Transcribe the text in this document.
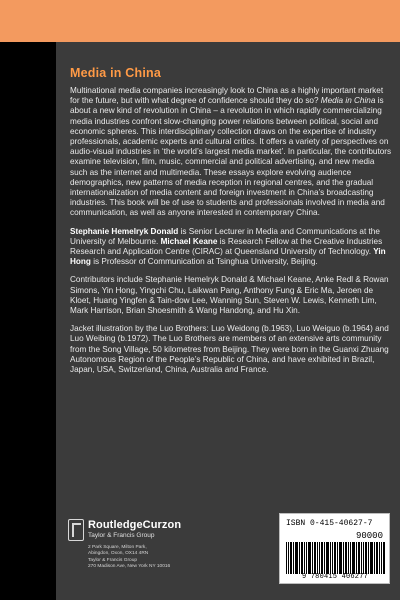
Media in China

Multinational media companies increasingly look to China as a highly important market for the future, but with what degree of confidence should they do so? Media in China is about a new kind of revolution in China – a revolution in which rapidly commercializing media industries confront slow-changing power relations between political, social and economic spheres. This interdisciplinary collection draws on the expertise of industry professionals, academic experts and cultural critics. It offers a variety of perspectives on audio-visual industries in ‘the world’s largest media market’. In particular, the contributors examine television, film, music, commercial and political advertising, and new media such as the internet and multimedia. These essays explore evolving audience demographics, new patterns of media reception in regional centres, and the gradual internationalization of media content and foreign investment in China’s broadcasting industries. This book will be of use to students and professionals involved in media and communication, as well as anyone interested in contemporary China.

Stephanie Hemelryk Donald is Senior Lecturer in Media and Communications at the University of Melbourne. Michael Keane is Research Fellow at the Creative Industries Research and Application Centre (CIRAC) at Queensland University of Technology. Yin Hong is Professor of Communication at Tsinghua University, Beijing.

Contributors include Stephanie Hemelryk Donald & Michael Keane, Anke Redl & Rowan Simons, Yin Hong, Yingchi Chu, Laikwan Pang, Anthony Fung & Eric Ma, Jeroen de Kloet, Huang Yingfen & Tain-dow Lee, Wanning Sun, Steven W. Lewis, Kenneth Lim, Mark Harrison, Brian Shoesmith & Wang Handong, and Hu Xin.

Jacket illustration by the Luo Brothers: Luo Weidong (b.1963), Luo Weiguo (b.1964) and Luo Weibing (b.1972). The Luo Brothers are members of an extensive arts community from the Song Village, 50 kilometres from Beijing. They were born in the Guanxi Zhuang Autonomous Region of the People’s Republic of China, and have exhibited in Brazil, Japan, USA, Switzerland, China, Australia and France.

RoutledgeCurzon
Taylor & Francis Group
2 Park Square, Milton Park,
Abingdon, Oxon, OX14 4RN
Taylor & Francis Group
270 Madison Ave, New York NY 10016
ISBN 0-415-40627-7
90000
9 780415 406277
